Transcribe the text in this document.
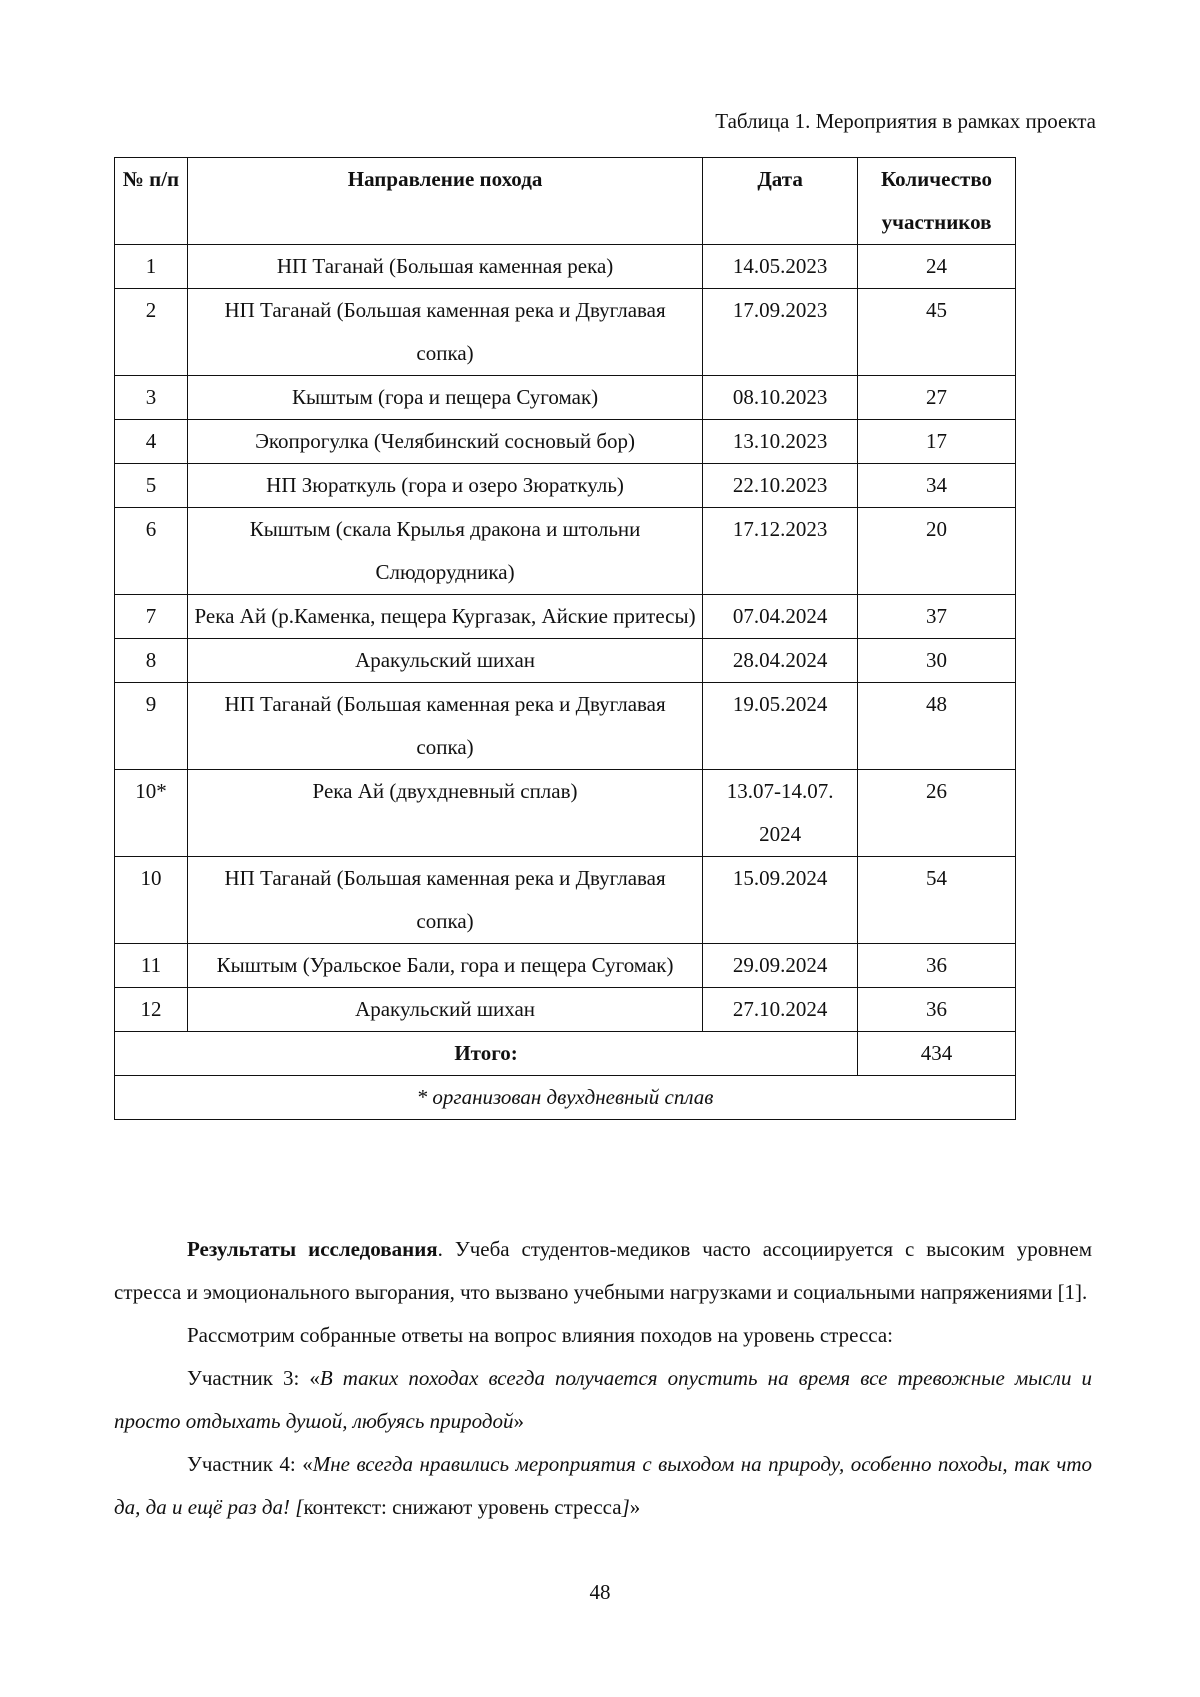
Таблица 1. Мероприятия в рамках проекта

№ п/п	Направление похода	Дата	Количество участников
1	НП Таганай (Большая каменная река)	14.05.2023	24
2	НП Таганай (Большая каменная река и Двуглавая сопка)	17.09.2023	45
3	Кыштым (гора и пещера Сугомак)	08.10.2023	27
4	Экопрогулка (Челябинский сосновый бор)	13.10.2023	17
5	НП Зюраткуль (гора и озеро Зюраткуль)	22.10.2023	34
6	Кыштым (скала Крылья дракона и штольни Слюдорудника)	17.12.2023	20
7	Река Ай (р.Каменка, пещера Кургазак, Айские притесы)	07.04.2024	37
8	Аракульский шихан	28.04.2024	30
9	НП Таганай (Большая каменная река и Двуглавая сопка)	19.05.2024	48
10*	Река Ай (двухдневный сплав)	13.07-14.07. 2024	26
10	НП Таганай (Большая каменная река и Двуглавая сопка)	15.09.2024	54
11	Кыштым (Уральское Бали, гора и пещера Сугомак)	29.09.2024	36
12	Аракульский шихан	27.10.2024	36
Итого:			434
* организован двухдневный сплав			

Результаты исследования. Учеба студентов-медиков часто ассоциируется с высоким уровнем стресса и эмоционального выгорания, что вызвано учебными нагрузками и социальными напряжениями [1].

Рассмотрим собранные ответы на вопрос влияния походов на уровень стресса:

Участник 3: «В таких походах всегда получается опустить на время все тревожные мысли и просто отдыхать душой, любуясь природой»

Участник 4: «Мне всегда нравились мероприятия с выходом на природу, особенно походы, так что да, да и ещё раз да! [контекст: снижают уровень стресса]»

48
